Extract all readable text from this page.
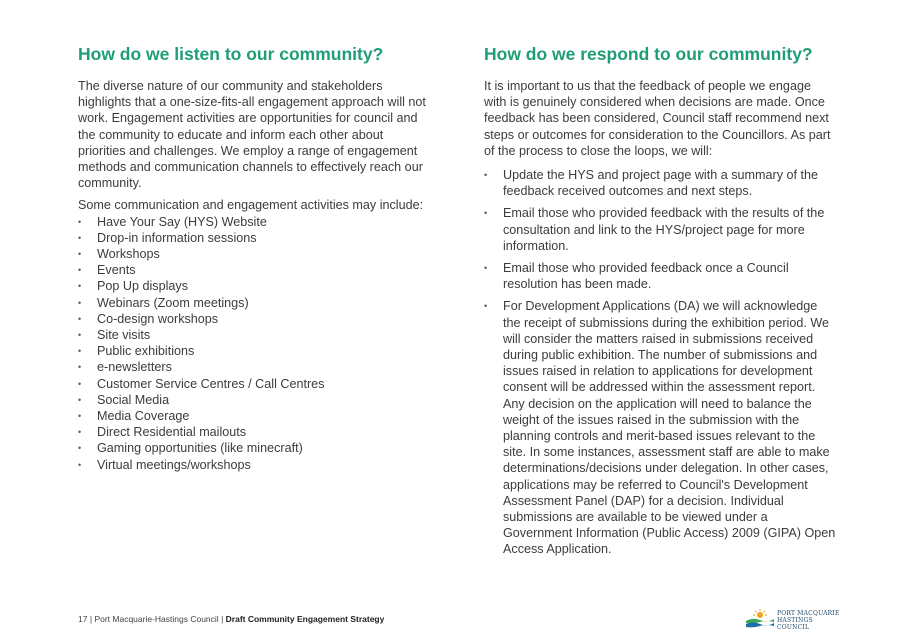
How do we listen to our community?

The diverse nature of our community and stakeholders highlights that a one-size-fits-all engagement approach will not work. Engagement activities are opportunities for council and the community to educate and inform each other about priorities and challenges. We employ a range of engagement methods and communication channels to effectively reach our community.

Some communication and engagement activities may include:

• Have Your Say (HYS) Website
• Drop-in information sessions
• Workshops
• Events
• Pop Up displays
• Webinars (Zoom meetings)
• Co-design workshops
• Site visits
• Public exhibitions
• e-newsletters
• Customer Service Centres / Call Centres
• Social Media
• Media Coverage
• Direct Residential mailouts
• Gaming opportunities (like minecraft)
• Virtual meetings/workshops
How do we respond to our community?

It is important to us that the feedback of people we engage with is genuinely considered when decisions are made. Once feedback has been considered, Council staff recommend next steps or outcomes for consideration to the Councillors. As part of the process to close the loops, we will:

• Update the HYS and project page with a summary of the feedback received outcomes and next steps.
• Email those who provided feedback with the results of the consultation and link to the HYS/project page for more information.
• Email those who provided feedback once a Council resolution has been made.
• For Development Applications (DA) we will acknowledge the receipt of submissions during the exhibition period. We will consider the matters raised in submissions received during public exhibition. The number of submissions and issues raised in relation to applications for development consent will be addressed within the assessment report. Any decision on the application will need to balance the weight of the issues raised in the submission with the planning controls and merit-based issues relevant to the site. In some instances, assessment staff are able to make determinations/decisions under delegation. In other cases, applications may be referred to Council's Development Assessment Panel (DAP) for a decision. Individual submissions are available to be viewed under a Government Information (Public Access) 2009 (GIPA) Open Access Application.
17 | Port Macquarie-Hastings Council | Draft Community Engagement Strategy
PORT MACQUARIE
HASTINGS COUNCIL
